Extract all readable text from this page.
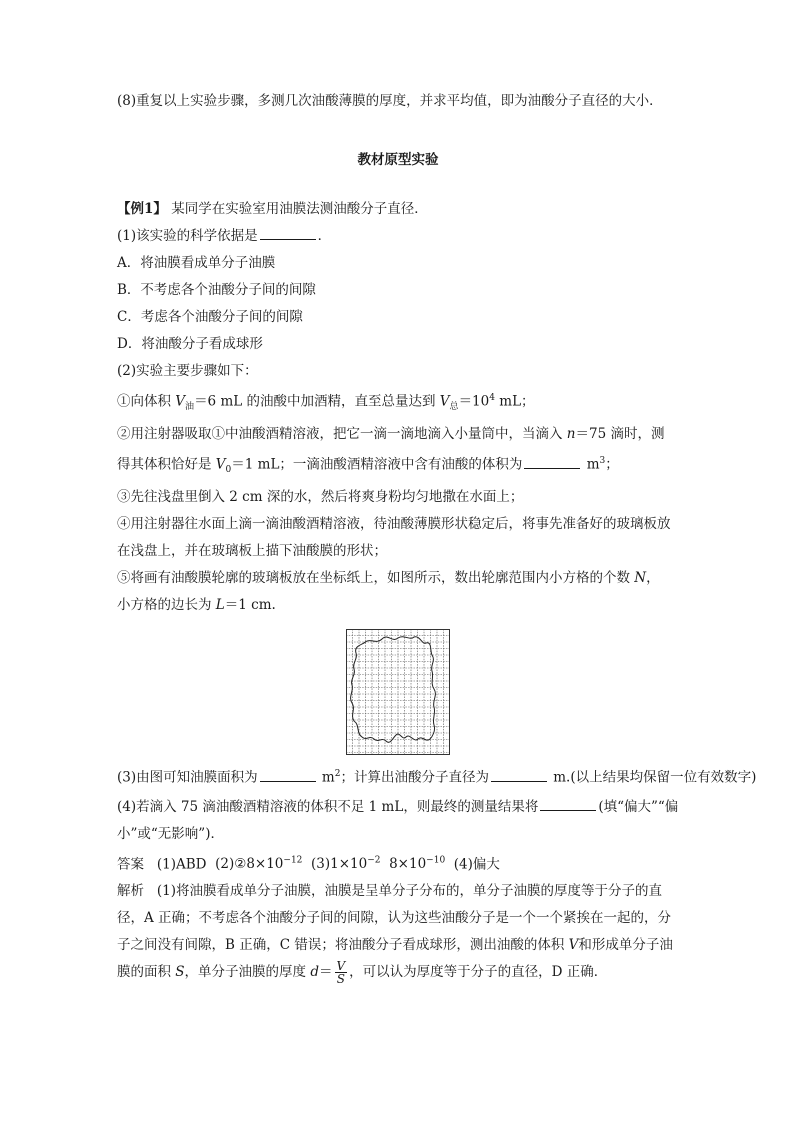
(8)重复以上实验步骤，多测几次油酸薄膜的厚度，并求平均值，即为油酸分子直径的大小．

教材原型实验

【例1】 某同学在实验室用油膜法测油酸分子直径．

(1)该实验的科学依据是	．

A．将油膜看成单分子油膜

B．不考虑各个油酸分子间的间隙

C．考虑各个油酸分子间的间隙

D．将油酸分子看成球形

(2)实验主要步骤如下：

①向体积 $V_油=6$ mL 的油酸中加酒精，直至总量达到 $V_总=10^4$ mL；

②用注射器吸取①中油酸酒精溶液，把它一滴一滴地滴入小量筒中，当滴入 n＝75 滴时，测

得其体积恰好是 $V_0=1$ mL；一滴油酸酒精溶液中含有油酸的体积为	$m^3$；

③先往浅盘里倒入 2 cm 深的水，然后将爽身粉均匀地撒在水面上；

④用注射器往水面上滴一滴油酸酒精溶液，待油酸薄膜形状稳定后，将事先准备好的玻璃板放在浅盘上，并在玻璃板上描下油酸膜的形状；

⑤将画有油酸膜轮廓的玻璃板放在坐标纸上，如图所示，数出轮廓范围内小方格的个数 N，

小方格的边长为 L＝1 cm.

(3)由图可知油膜面积为	$m^2$；计算出油酸分子直径为	m.(以上结果均保留一位有效数字)

(4)若滴入 75 滴油酸酒精溶液的体积不足 1 mL，则最终的测量结果将	(填“偏大”“偏小”或“无影响”)．

答案 (1)ABD $(2)②8\times 10^{-12}$ $(3)1\times 10^{-2}$ $8\times 10^{-10}$ (4)偏大

解析 (1)将油膜看成单分子油膜，油膜是呈单分子分布的，单分子油膜的厚度等于分子的直径，A 正确；不考虑各个油酸分子间的间隙，认为这些油酸分子是一个一个紧挨在一起的，分子之间没有间隙，B 正确，C 错误；将油酸分子看成球形，测出油酸的体积 V和形成单分子油膜的面积 S，单分子油膜的厚度 $d= \frac{V}{S}$ ，可以认为厚度等于分子的直径，D 正确．
